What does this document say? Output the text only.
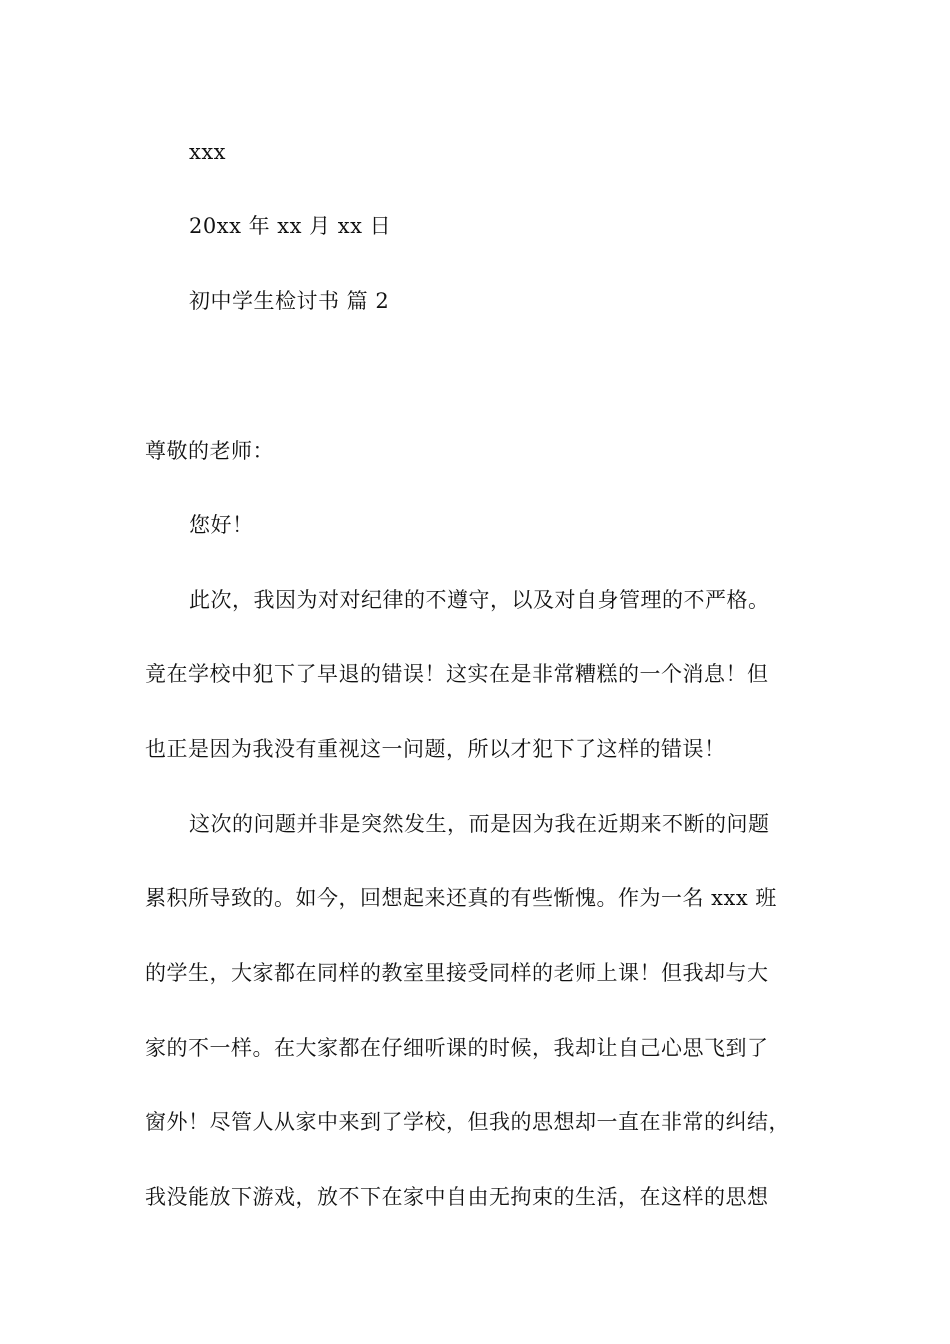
xxx
20xx 年 xx 月 xx 日
初中学生检讨书 篇 2
尊敬的老师：
您好！
此次，我因为对对纪律的不遵守，以及对自身管理的不严格。
竟在学校中犯下了早退的错误！这实在是非常糟糕的一个消息！但
也正是因为我没有重视这一问题，所以才犯下了这样的错误！
这次的问题并非是突然发生，而是因为我在近期来不断的问题
累积所导致的。如今，回想起来还真的有些惭愧。作为一名 xxx 班
的学生，大家都在同样的教室里接受同样的老师上课！但我却与大
家的不一样。在大家都在仔细听课的时候，我却让自己心思飞到了
窗外！尽管人从家中来到了学校，但我的思想却一直在非常的纠结，
我没能放下游戏，放不下在家中自由无拘束的生活，在这样的思想
